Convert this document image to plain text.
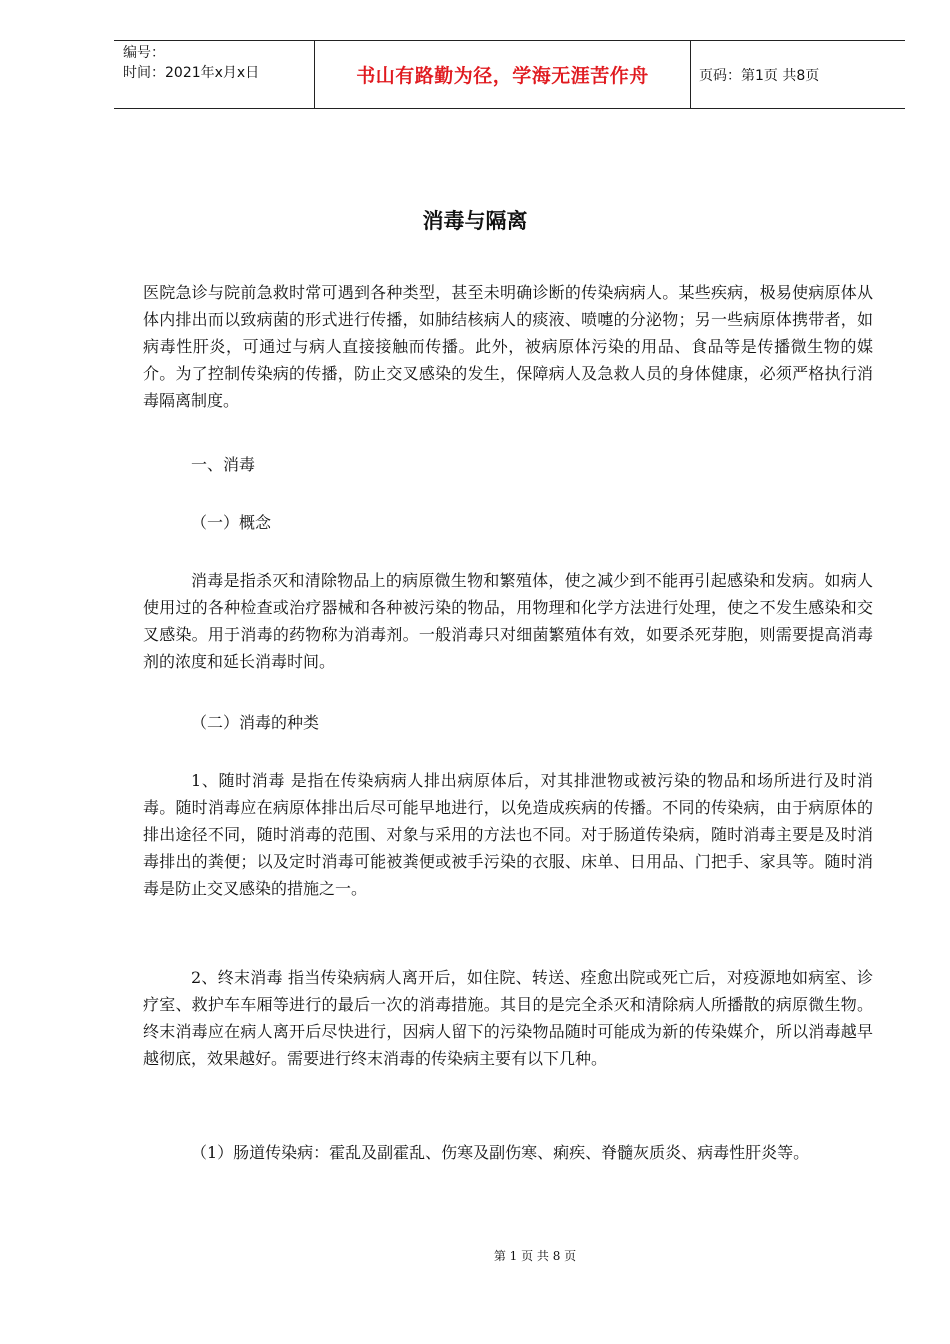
编号：
时间：2021年x月x日	书山有路勤为径，学海无涯苦作舟	页码：第1页 共8页
消毒与隔离

医院急诊与院前急救时常可遇到各种类型，甚至未明确诊断的传染病病人。某些疾病，极易使病原体从体内排出而以致病菌的形式进行传播，如肺结核病人的痰液、喷嚏的分泌物；另一些病原体携带者，如病毒性肝炎，可通过与病人直接接触而传播。此外，被病原体污染的用品、食品等是传播微生物的媒介。为了控制传染病的传播，防止交叉感染的发生，保障病人及急救人员的身体健康，必须严格执行消毒隔离制度。

一、消毒
（一）概念

消毒是指杀灭和清除物品上的病原微生物和繁殖体，使之减少到不能再引起感染和发病。如病人使用过的各种检查或治疗器械和各种被污染的物品，用物理和化学方法进行处理，使之不发生感染和交叉感染。用于消毒的药物称为消毒剂。一般消毒只对细菌繁殖体有效，如要杀死芽胞，则需要提高消毒剂的浓度和延长消毒时间。

（二）消毒的种类

1、随时消毒 是指在传染病病人排出病原体后，对其排泄物或被污染的物品和场所进行及时消毒。随时消毒应在病原体排出后尽可能早地进行，以免造成疾病的传播。不同的传染病，由于病原体的排出途径不同，随时消毒的范围、对象与采用的方法也不同。对于肠道传染病，随时消毒主要是及时消毒排出的粪便；以及定时消毒可能被粪便或被手污染的衣服、床单、日用品、门把手、家具等。随时消毒是防止交叉感染的措施之一。

2、终末消毒 指当传染病病人离开后，如住院、转送、痊愈出院或死亡后，对疫源地如病室、诊疗室、救护车车厢等进行的最后一次的消毒措施。其目的是完全杀灭和清除病人所播散的病原微生物。终末消毒应在病人离开后尽快进行，因病人留下的污染物品随时可能成为新的传染媒介，所以消毒越早越彻底，效果越好。需要进行终末消毒的传染病主要有以下几种。

（1）肠道传染病：霍乱及副霍乱、伤寒及副伤寒、痢疾、脊髓灰质炎、病毒性肝炎等。

第 1 页 共 8 页
